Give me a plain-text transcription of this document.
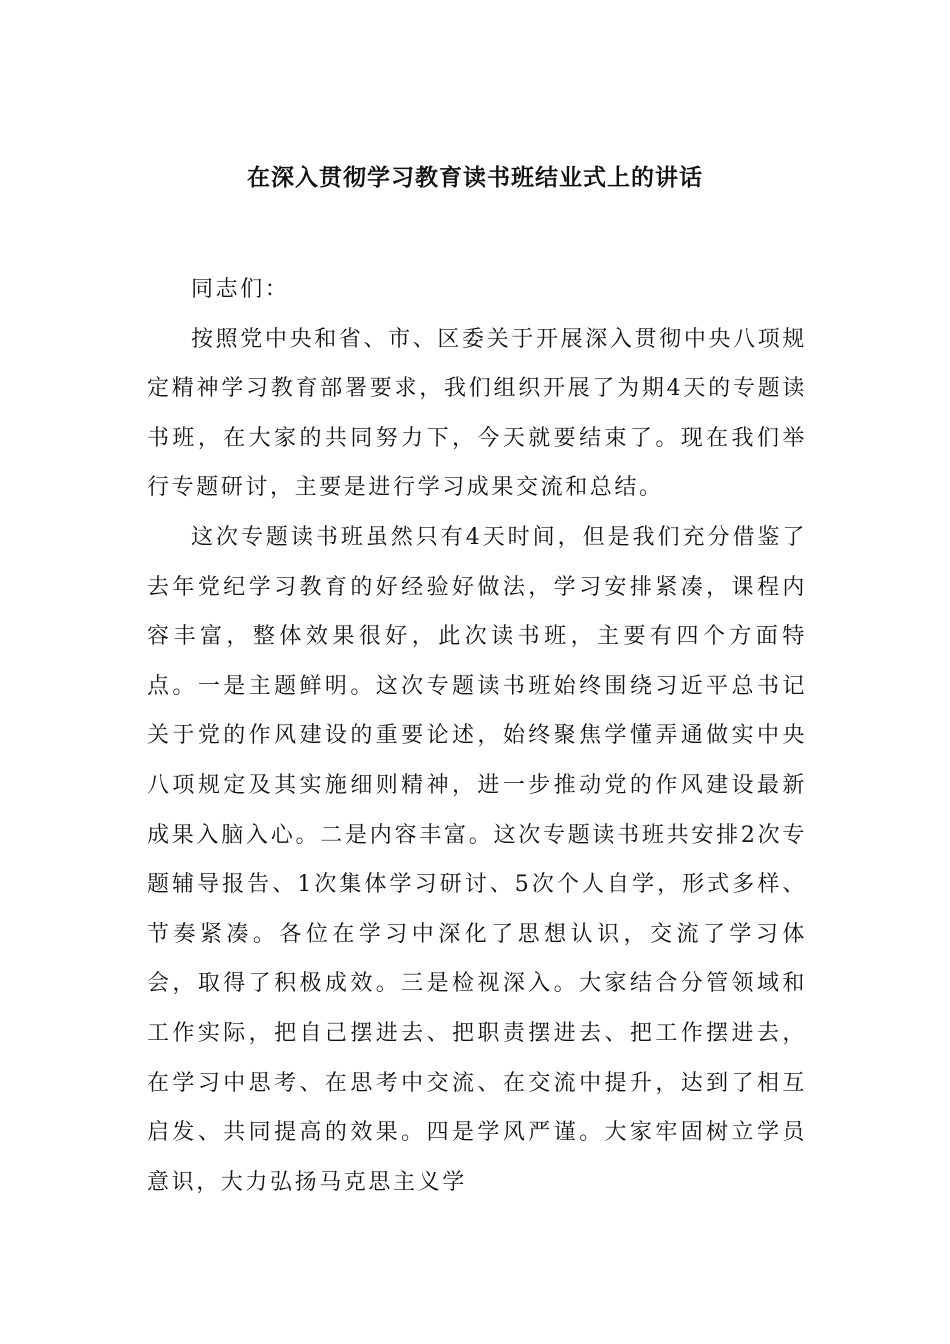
在深入贯彻学习教育读书班结业式上的讲话

同志们：

按照党中央和省、市、区委关于开展深入贯彻中央八项规定精神学习教育部署要求，我们组织开展了为期4天的专题读书班，在大家的共同努力下，今天就要结束了。现在我们举行专题研讨，主要是进行学习成果交流和总结。

这次专题读书班虽然只有4天时间，但是我们充分借鉴了去年党纪学习教育的好经验好做法，学习安排紧凑，课程内容丰富，整体效果很好，此次读书班，主要有四个方面特点。一是主题鲜明。这次专题读书班始终围绕习近平总书记关于党的作风建设的重要论述，始终聚焦学懂弄通做实中央八项规定及其实施细则精神，进一步推动党的作风建设最新成果入脑入心。二是内容丰富。这次专题读书班共安排2次专题辅导报告、1次集体学习研讨、5次个人自学，形式多样、节奏紧凑。各位在学习中深化了思想认识，交流了学习体会，取得了积极成效。三是检视深入。大家结合分管领域和工作实际，把自己摆进去、把职责摆进去、把工作摆进去，在学习中思考、在思考中交流、在交流中提升，达到了相互启发、共同提高的效果。四是学风严谨。大家牢固树立学员意识，大力弘扬马克思主义学
